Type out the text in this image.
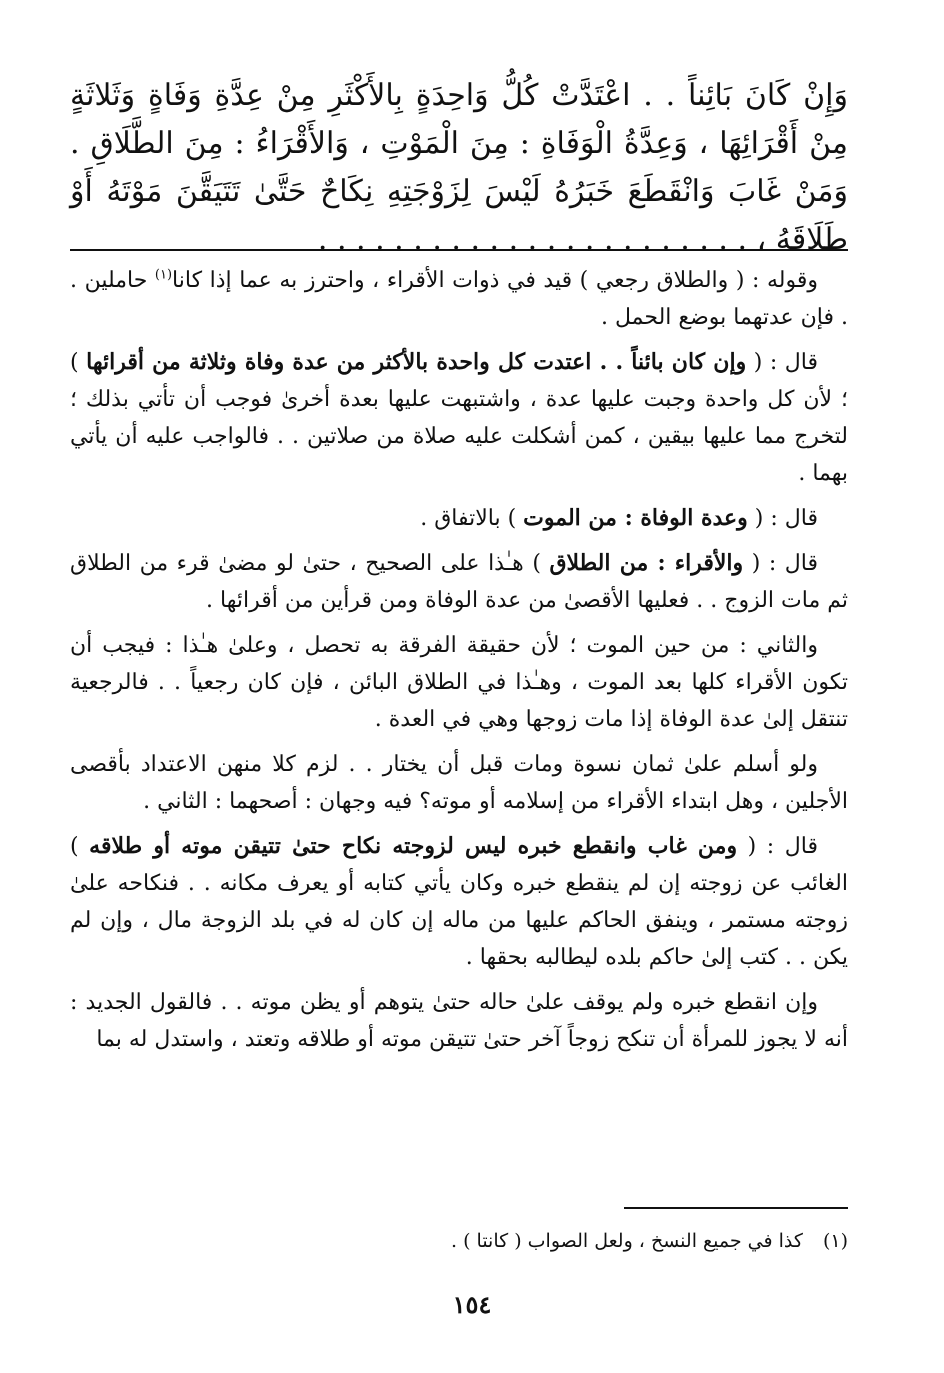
وَإِنْ كَانَ بَائِناً . . اعْتَدَّتْ كُلُّ وَاحِدَةٍ بِالأَكْثَرِ مِنْ عِدَّةِ وَفَاةٍ وَثَلاثَةٍ مِنْ أَقْرَائِهَا ، وَعِدَّةُ الْوَفَاةِ : مِنَ الْمَوْتِ ، وَالأَقْرَاءُ : مِنَ الطَّلَاقِ . وَمَنْ غَابَ وَانْقَطَعَ خَبَرُهُ لَيْسَ لِزَوْجَتِهِ نِكَاحٌ حَتَّىٰ تَتَيَقَّنَ مَوْتَهُ أَوْ طَلَاقَهُ ، . . . . . . . . . . . . . . . . . . . . . . .

وقوله : ( والطلاق رجعي ) قيد في ذوات الأقراء ، واحترز به عما إذا كانا$^{(١)}$ حاملين . . فإن عدتهما بوضع الحمل .

قال : ( وإن كان بائناً . . اعتدت كل واحدة بالأكثر من عدة وفاة وثلاثة من أقرائها ) ؛ لأن كل واحدة وجبت عليها عدة ، واشتبهت عليها بعدة أخرىٰ فوجب أن تأتي بذلك ؛ لتخرج مما عليها بيقين ، كمن أشكلت عليه صلاة من صلاتين . . فالواجب عليه أن يأتي بهما .

قال : ( وعدة الوفاة : من الموت ) بالاتفاق .

قال : ( والأقراء : من الطلاق ) هـٰذا على الصحيح ، حتىٰ لو مضىٰ قرء من الطلاق ثم مات الزوج . . فعليها الأقصىٰ من عدة الوفاة ومن قرأين من أقرائها .

والثاني : من حين الموت ؛ لأن حقيقة الفرقة به تحصل ، وعلىٰ هـٰذا : فيجب أن تكون الأقراء كلها بعد الموت ، وهـٰذا في الطلاق البائن ، فإن كان رجعياً . . فالرجعية تنتقل إلىٰ عدة الوفاة إذا مات زوجها وهي في العدة .

ولو أسلم علىٰ ثمان نسوة ومات قبل أن يختار . . لزم كلا منهن الاعتداد بأقصى الأجلين ، وهل ابتداء الأقراء من إسلامه أو موته؟ فيه وجهان : أصحهما : الثاني .

قال : ( ومن غاب وانقطع خبره ليس لزوجته نكاح حتىٰ تتيقن موته أو طلاقه ) الغائب عن زوجته إن لم ينقطع خبره وكان يأتي كتابه أو يعرف مكانه . . فنكاحه علىٰ زوجته مستمر ، وينفق الحاكم عليها من ماله إن كان له في بلد الزوجة مال ، وإن لم يكن . . كتب إلىٰ حاكم بلده ليطالبه بحقها .

وإن انقطع خبره ولم يوقف علىٰ حاله حتىٰ يتوهم أو يظن موته . . فالقول الجديد : أنه لا يجوز للمرأة أن تنكح زوجاً آخر حتىٰ تتيقن موته أو طلاقه وتعتد ، واستدل له بما

(١) كذا في جميع النسخ ، ولعل الصواب ( كانتا ) .
١٥٤
